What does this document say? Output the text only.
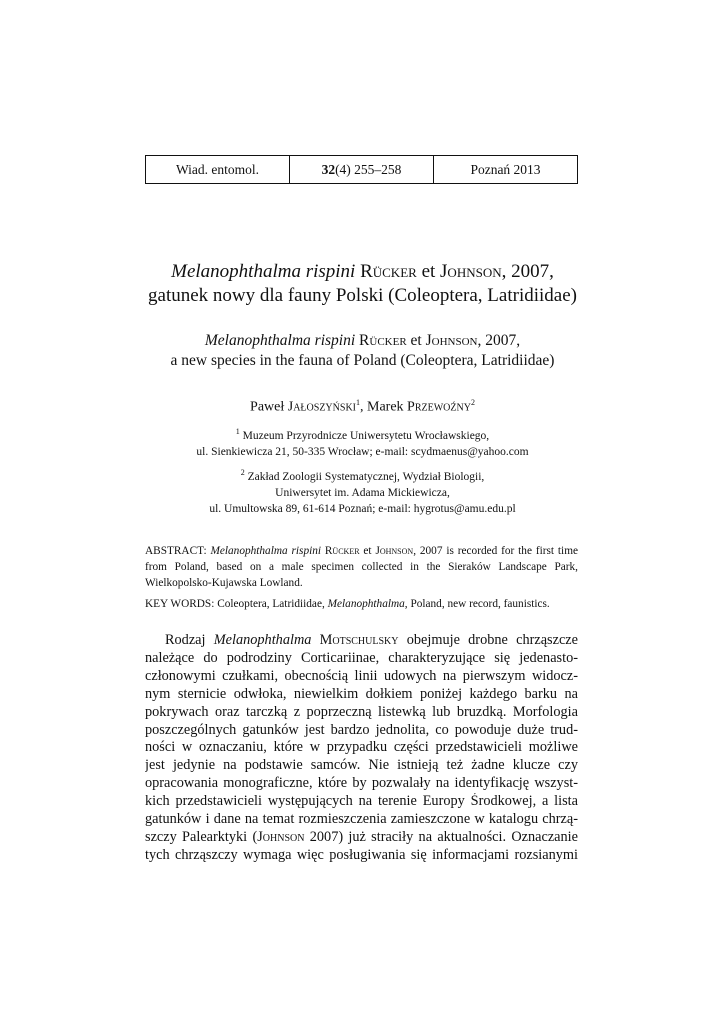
Wiad. entomol.	32 (4) 255–258	Poznań 2013
Melanophthalma rispini Rücker et Johnson, 2007,
gatunek nowy dla fauny Polski (Coleoptera, Latridiidae)
Melanophthalma rispini Rücker et Johnson, 2007,
a new species in the fauna of Poland (Coleoptera, Latridiidae)
Paweł Jałoszyński$^1$, Marek Przewoźny$^2$
$^1$ Muzeum Przyrodnicze Uniwersytetu Wrocławskiego,
ul. Sienkiewicza 21, 50-335 Wrocław; e-mail: scydmaenus@yahoo.com
$^2$ Zakład Zoologii Systematycznej, Wydział Biologii,
Uniwersytet im. Adama Mickiewicza,
ul. Umultowska 89, 61-614 Poznań; e-mail: hygrotus@amu.edu.pl
ABSTRACT: Melanophthalma rispini Rücker et Johnson, 2007 is recorded for the first time from Poland, based on a male specimen collected in the Sieraków Landscape Park, Wielkopolsko-Kujawska Lowland.
KEY WORDS: Coleoptera, Latridiidae, Melanophthalma, Poland, new record, faunistics.
Rodzaj Melanophthalma Motschulsky obejmuje drobne chrząszcze
należące do podrodziny Corticariinae, charakteryzujące się jedenasto-
członowymi czułkami, obecnością linii udowych na pierwszym widocz-
nym sternicie odwłoka, niewielkim dołkiem poniżej każdego barku na
pokrywach oraz tarczką z poprzeczną listewką lub bruzdką. Morfologia
poszczególnych gatunków jest bardzo jednolita, co powoduje duże trud-
ności w oznaczaniu, które w przypadku części przedstawicieli możliwe
jest jedynie na podstawie samców. Nie istnieją też żadne klucze czy
opracowania monograficzne, które by pozwalały na identyfikację wszyst-
kich przedstawicieli występujących na terenie Europy Środkowej, a lista
gatunków i dane na temat rozmieszczenia zamieszczone w katalogu chrzą-
szczy Palearktyki (Johnson 2007) już straciły na aktualności. Oznaczanie
tych chrząszczy wymaga więc posługiwania się informacjami rozsianymi
